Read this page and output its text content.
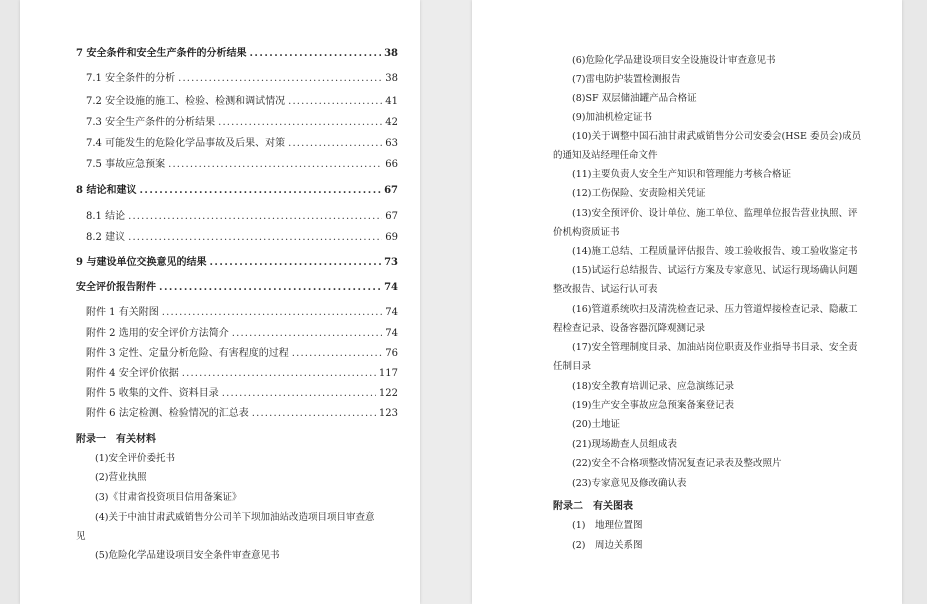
7 安全条件和安全生产条件的分析结果 . . .	38
7.1 安全条件的分析 . . .	38
7.2 安全设施的施工、检验、检测和调试情况 . . .	41
7.3 安全生产条件的分析结果 . . .	42
7.4 可能发生的危险化学品事故及后果、对策 . . .	63
7.5 事故应急预案 . . .	66
8 结论和建议 . . .	67
8.1 结论 . . .	67
8.2 建议 . . .	69
9 与建设单位交换意见的结果 . . .	73
安全评价报告附件 . . .	74
附件 1 有关附图 . . .	74
附件 2 选用的安全评价方法简介 . . .	74
附件 3 定性、定量分析危险、有害程度的过程 . . .	76
附件 4 安全评价依据 . . .	117
附件 5 收集的文件、资料目录 . . .	122
附件 6 法定检测、检验情况的汇总表 . . .	123
附录一　有关材料
(1)安全评价委托书
(2)营业执照
(3)《甘肃省投资项目信用备案证》
(4)关于中油甘肃武威销售分公司羊下坝加油站改造项目项目审查意
见
(5)危险化学品建设项目安全条件审查意见书
(6)危险化学品建设项目安全设施设计审查意见书
(7)雷电防护装置检测报告
(8)SF 双层储油罐产品合格证
(9)加油机检定证书
(10)关于调整中国石油甘肃武威销售分公司安委会(HSE 委员会)成员
的通知及站经理任命文件
(11)主要负责人安全生产知识和管理能力考核合格证
(12)工伤保险、安责险相关凭证
(13)安全预评价、设计单位、施工单位、监理单位报告营业执照、评
价机构资质证书
(14)施工总结、工程质量评估报告、竣工验收报告、竣工验收鉴定书
(15)试运行总结报告、试运行方案及专家意见、试运行现场确认问题
整改报告、试运行认可表
(16)管道系统吹扫及清洗检查记录、压力管道焊接检查记录、隐蔽工
程检查记录、设备容器沉降观测记录
(17)安全管理制度目录、加油站岗位职责及作业指导书目录、安全责
任制目录
(18)安全教育培训记录、应急演练记录
(19)生产安全事故应急预案备案登记表
(20)土地证
(21)现场勘查人员组成表
(22)安全不合格项整改情况复查记录表及整改照片
(23)专家意见及修改确认表
附录二　有关图表
(1)　地理位置图
(2)　周边关系图
